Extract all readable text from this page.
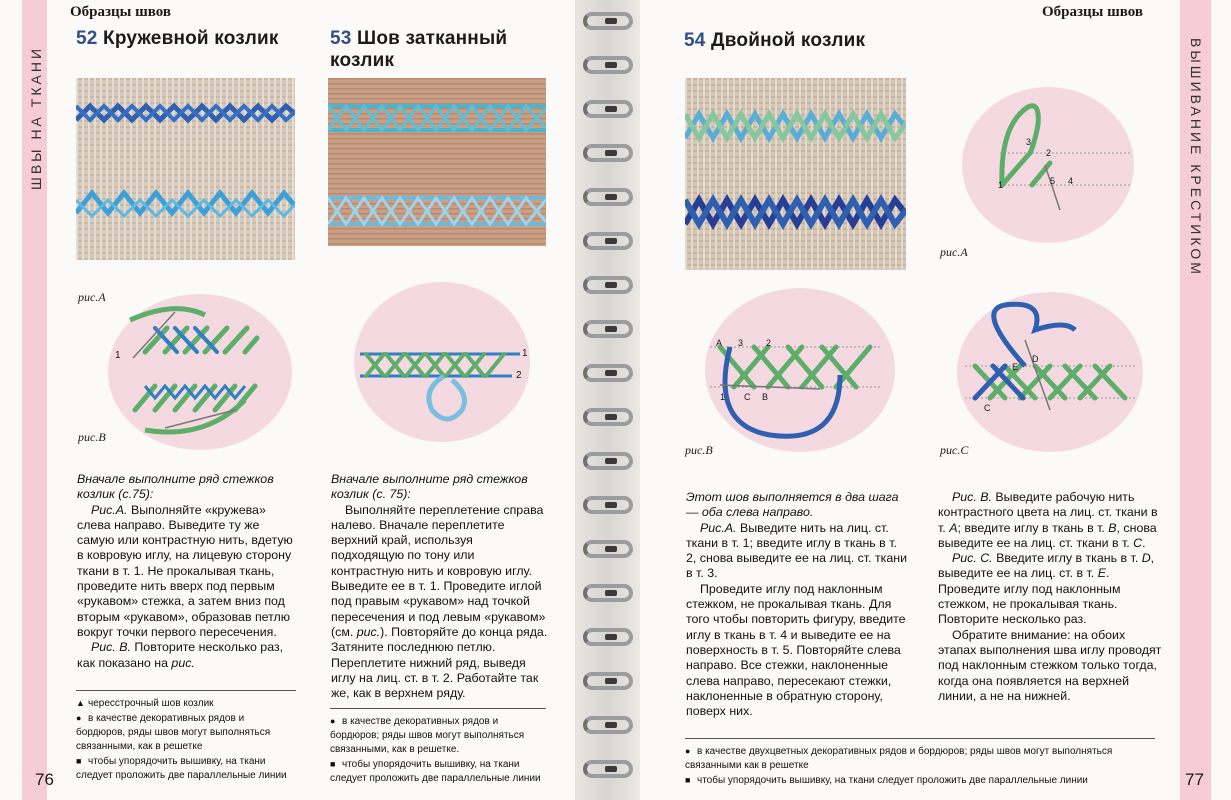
ШВЫ НА ТКАНИ
Образцы швов
52 Кружевной козлик
рис.A
1
рис.B

Вначале выполните ряд стежков козлик (с.75):

Рис.А. Выполняйте «кружева» слева направо. Выведите ту же самую или контрастную нить, вдетую в ковровую иглу, на лицевую сторону ткани в т. 1. Не прокалывая ткань, проведите нить вверх под первым «рукавом» стежка, а затем вниз под вторым «рукавом», образовав петлю вокруг точки первого пересечения.

Рис. В. Повторите несколько раз, как показано на рис.

▲ чересстрочный шов козлик

● в качестве декоративных рядов и бордюров, ряды швов могут выполняться связанными, как в решетке

■ чтобы упорядочить вышивку, на ткани следует проложить две параллельные линии

53 Шов затканный козлик
1
2

Вначале выполните ряд стежков козлик (с. 75):

Выполняйте переплетение справа налево. Вначале переплетите верхний край, используя подходящую по тону или контрастную нить и ковровую иглу. Выведите ее в т. 1. Проведите иглой под правым «рукавом» над точкой пересечения и под левым «рукавом» (см. рис.). Повторяйте до конца ряда. Затяните последнюю петлю. Переплетите нижний ряд, выведя иглу на лиц. ст. в т. 2. Работайте так же, как в верхнем ряду.

● в качестве декоративных рядов и бордюров; ряды швов могут выполняться связанными, как в решетке.

■ чтобы упорядочить вышивку, на ткани следует проложить две параллельные линии

76
Образцы швов
ВЫШИВАНИЕ КРЕСТИКОМ
54 Двойной козлик
3
2
1	5 4
рис.A
A 3	2
1 C B
рис.B
E
D
C
рис.C

Этот шов выполняется в два шага — оба слева направо.

Рис.А. Выведите нить на лиц. ст. ткани в т. 1; введите иглу в ткань в т. 2, снова выведите ее на лиц. ст. ткани в т. 3.

Проведите иглу под наклонным стежком, не прокалывая ткань. Для того чтобы повторить фигуру, введите иглу в ткань в т. 4 и выведите ее на поверхность в т. 5. Повторяйте слева направо. Все стежки, наклоненные слева направо, пересекают стежки, наклоненные в обратную сторону, поверх них.

Рис. В. Выведите рабочую нить контрастного цвета на лиц. ст. ткани в т. А; введите иглу в ткань в т. B, снова выведите ее на лиц. ст. ткани в т. C.

Рис. С. Введите иглу в ткань в т. D, выведите ее на лиц. ст. в т. Е. Проведите иглу под наклонным стежком, не прокалывая ткань. Повторите несколько раз.

Обратите внимание: на обоих этапах выполнения шва иглу проводят под наклонным стежком только тогда, когда она появляется на верхней линии, а не на нижней.

● в качестве двухцветных декоративных рядов и бордюров; ряды швов могут выполняться связанными как в решетке

■ чтобы упорядочить вышивку, на ткани следует проложить две параллельные линии	77
